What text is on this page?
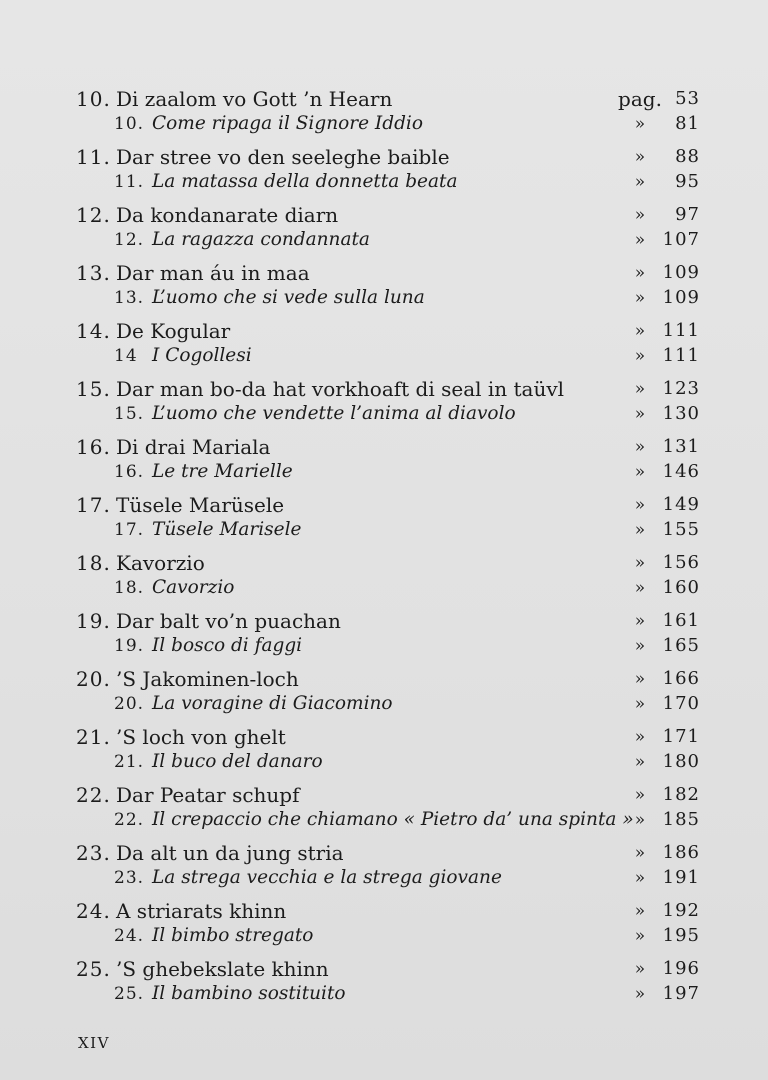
10. Di zaalom vo Gott ’n Hearn	pag. 53
10. Come ripaga il Signore Iddio	»	81
11. Dar stree vo den seeleghe baible	»	88
11. La matassa della donnetta beata	»	95
12. Da kondanarate diarn	»	97
12. La ragazza condannata	» 107
13. Dar man áu in maa	» 109
13. L’uomo che si vede sulla luna	» 109
14. De Kogular	» 111
14 I Cogollesi	» 111
15. Dar man bo-da hat vorkhoaft di seal in taüvl	» 123
15. L’uomo che vendette l’anima al diavolo	» 130
16. Di drai Mariala	» 131
16. Le tre Marielle	» 146
17. Tüsele Marüsele	» 149
17. Tüsele Marisele	» 155
18. Kavorzio	» 156
18. Cavorzio	» 160
19. Dar balt vo’n puachan	» 161
19. Il bosco di faggi	» 165
20. ’S Jakominen-loch	» 166
20. La voragine di Giacomino	» 170
21. ’S loch von ghelt	» 171
21. Il buco del danaro	» 180
22. Dar Peatar schupf	» 182
22. Il crepaccio che chiamano « Pietro da’ una spinta » » 185
23. Da alt un da jung stria	» 186
23. La strega vecchia e la strega giovane	» 191
24. A striarats khinn	» 192
24. Il bimbo stregato	» 195
25. ’S ghebekslate khinn	» 196
25. Il bambino sostituito	» 197
XIV
